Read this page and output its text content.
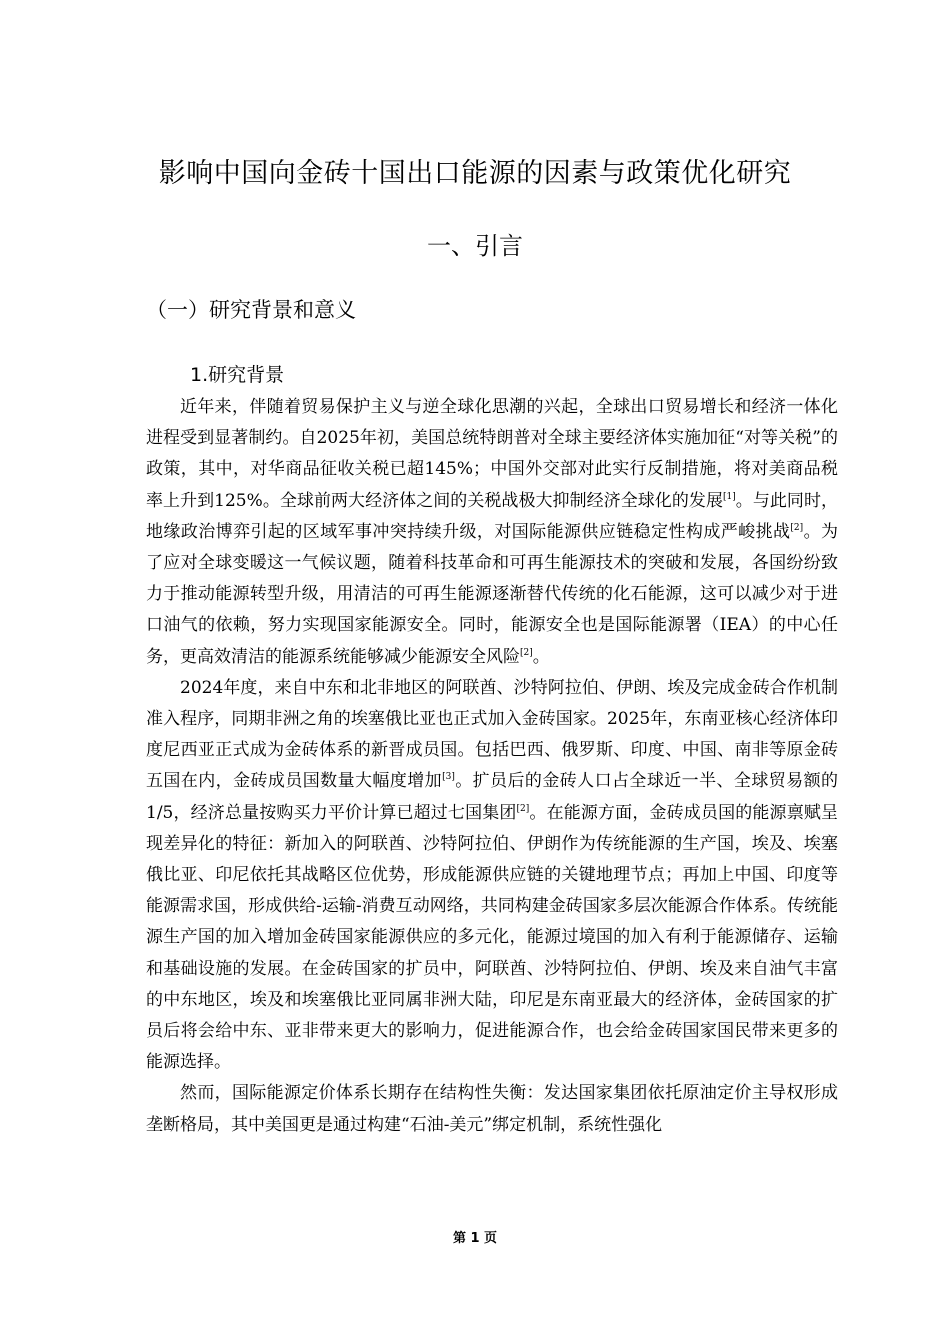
影响中国向金砖十国出口能源的因素与政策优化研究
一、引言
（一）研究背景和意义
1.研究背景

近年来，伴随着贸易保护主义与逆全球化思潮的兴起，全球出口贸易增长和经济一体化进程受到显著制约。自2025年初，美国总统特朗普对全球主要经济体实施加征“对等关税”的政策，其中，对华商品征收关税已超145%；中国外交部对此实行反制措施，将对美商品税率上升到125%。全球前两大经济体之间的关税战极大抑制经济全球化的发展[1]。与此同时，地缘政治博弈引起的区域军事冲突持续升级，对国际能源供应链稳定性构成严峻挑战[2]。为了应对全球变暖这一气候议题，随着科技革命和可再生能源技术的突破和发展，各国纷纷致力于推动能源转型升级，用清洁的可再生能源逐渐替代传统的化石能源，这可以减少对于进口油气的依赖，努力实现国家能源安全。同时，能源安全也是国际能源署（IEA）的中心任务，更高效清洁的能源系统能够减少能源安全风险[2]。

2024年度，来自中东和北非地区的阿联酋、沙特阿拉伯、伊朗、埃及完成金砖合作机制准入程序，同期非洲之角的埃塞俄比亚也正式加入金砖国家。2025年，东南亚核心经济体印度尼西亚正式成为金砖体系的新晋成员国。包括巴西、俄罗斯、印度、中国、南非等原金砖五国在内，金砖成员国数量大幅度增加[3]。扩员后的金砖人口占全球近一半、全球贸易额的1/5，经济总量按购买力平价计算已超过七国集团[2]。在能源方面，金砖成员国的能源禀赋呈现差异化的特征：新加入的阿联酋、沙特阿拉伯、伊朗作为传统能源的生产国，埃及、埃塞俄比亚、印尼依托其战略区位优势，形成能源供应链的关键地理节点；再加上中国、印度等能源需求国，形成供给-运输-消费互动网络，共同构建金砖国家多层次能源合作体系。传统能源生产国的加入增加金砖国家能源供应的多元化，能源过境国的加入有利于能源储存、运输和基础设施的发展。在金砖国家的扩员中，阿联酋、沙特阿拉伯、伊朗、埃及来自油气丰富的中东地区，埃及和埃塞俄比亚同属非洲大陆，印尼是东南亚最大的经济体，金砖国家的扩员后将会给中东、亚非带来更大的影响力，促进能源合作，也会给金砖国家国民带来更多的能源选择。

然而，国际能源定价体系长期存在结构性失衡：发达国家集团依托原油定价主导权形成垄断格局，其中美国更是通过构建“石油-美元”绑定机制，系统性强化

第 1 页
